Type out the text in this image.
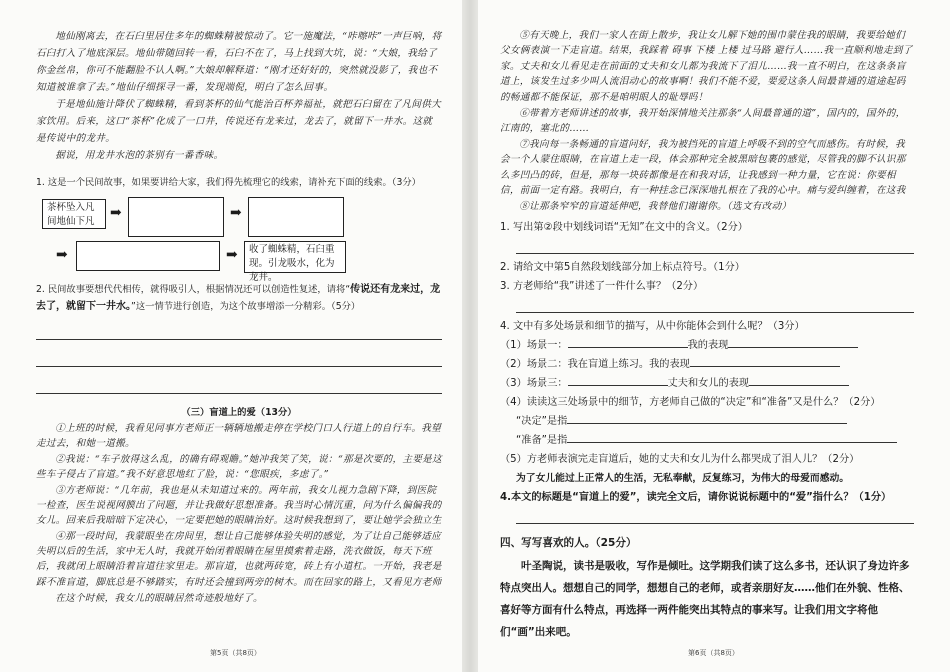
地仙刚离去，在石臼里居住多年的蜘蛛精被惊动了。它一施魔法，“咔嚓咔”一声巨响，将石臼打入了地底深层。地仙带随回转一看，石臼不在了，马上找到大坑，说：“大娘，我给了你金丝帛，你可不能翻脸不认人啊。”大娘却解释道：“刚才还好好的，突然就没影了，我也不知道被谁拿了去。”地仙仔细探寻一番，发现端倪，明白了怎么回事。

于是地仙施计降伏了蜘蛛精，看到茶杯的仙气能治百杯养福祉，就把石臼留在了凡间供大家饮用。后来，这口“茶杯”化成了一口井，传说还有龙来过，龙去了，就留下一井水。这就是传说中的龙井。

据说，用龙井水泡的茶别有一番香味。

1. 这是一个民间故事，如果要讲给大家，我们得先梳理它的线索，请补充下面的线索。（3分）

茶杯坠入凡间地仙下凡
➡	➡
➡	➡	收了蜘蛛精，石臼重现。引龙吸水，化为龙井。

2. 民间故事要想代代相传，就得吸引人，根据情况还可以创造性复述，请将“传说还有龙来过，龙去了，就留下一井水。”这一情节进行创造，为这个故事增添一分精彩。（5分）

（三）盲道上的爱（13分）

①上班的时候，我看见同事方老师正一辆辆地搬走停在学校门口人行道上的自行车。我望走过去，和她一道搬。

②我说：“车子放得这么乱，的确有碍观瞻。”她冲我笑了笑，说：“那是次要的，主要是这些车子侵占了盲道。”我不好意思地红了脸，说：“您眼疾，多虑了。”

③方老师说：“几年前，我也是从未知道过来的。两年前，我女儿视力急剧下降，到医院一检查，医生说视网膜出了问题，并让我做好思想准备。我当时心情沉重，问为什么偏偏我的女儿。回来后我暗暗下定决心，一定要把她的眼睛治好。这时候我想到了，要让她学会独立生

④那一段时间，我蒙眼坐在房间里，想让自己能够体验失明的感觉，为了让自己能够适应失明以后的生活，家中无人时，我就开始闭着眼睛在屋里摸索着走路，洗衣做饭，每天下班后，我就闭上眼睛沿着盲道往家里走。那盲道，也就两砖宽，砖上有小道杠。一开始，我老是踩不准盲道，脚底总是不够踏实，有时还会撞到两旁的树木。而在回家的路上，又看见方老师

在这个时候，我女儿的眼睛居然奇迹般地好了。

第5页（共8页）

⑤有天晚上，我们一家人在街上散步，我让女儿解下她的围巾蒙住我的眼睛，我要给她们父女俩表演一下走盲道。结果，我踩着 碍事 下楼 上楼 过马路 避行人……我一直顺利地走到了家。丈夫和女儿看见走在前面的丈夫和女儿都为我流下了泪儿……我一直不明白，在这条条盲道上，该发生过多少叫人流泪动心的故事啊！我们不能不爱，要爱这条人间最普通的道途起码的畅通都不能保证，那不是咱明眼人的耻辱吗！

⑥带着方老师讲述的故事，我开始深情地关注那条“人间最普通的道”，国内的，国外的，江南的，塞北的……

⑦我向每一条畅通的盲道问好，我为被挡死的盲道上呼吸不到的空气而感伤。有时候，我会一个人蒙住眼睛，在盲道上走一段，体会那种完全被黑暗包裹的感觉，尽管我的脚不认识那么多凹凸的砖，但是，那每一块砖都像是在和我对话，让我感到一种力量，它在说：你要相信，前面一定有路。我明白，有一种挂念已深深地扎根在了我的心中。痛与爱纠缠着，在这我

⑧让那条窄窄的盲道延伸吧，我替他们谢谢你。（选文有改动）

1. 写出第②段中划线词语“无知”在文中的含义。（2分）

2. 请给文中第5自然段划线部分加上标点符号。（1分）

3. 方老师给“我”讲述了一件什么事？（2分）

4. 文中有多处场景和细节的描写，从中你能体会到什么呢？（3分）

（1）场景一：	我的表现

（2）场景二：我在盲道上练习。我的表现

（3）场景三：	丈夫和女儿的表现

（4）读读这三处场景中的细节，方老师自己做的“决定”和“准备”又是什么？（2分）

“决定”是指

“准备”是指

（5）方老师表演完走盲道后，她的丈夫和女儿为什么都哭成了泪人儿？（2分）

为了女儿能过上正常人的生活，无私奉献，反复练习，为伟大的母爱而感动。

4.本文的标题是“盲道上的爱”，读完全文后，请你说说标题中的“爱”指什么？（1分）

四、写写喜欢的人。（25分）

叶圣陶说，读书是吸收，写作是倾吐。这学期我们读了这么多书，还认识了身边许多特点突出人。想想自己的同学，想想自己的老师，或者亲朋好友……他们在外貌、性格、喜好等方面有什么特点，再选择一两件能突出其特点的事来写。让我们用文字将他们“画”出来吧。

第6页（共8页）
